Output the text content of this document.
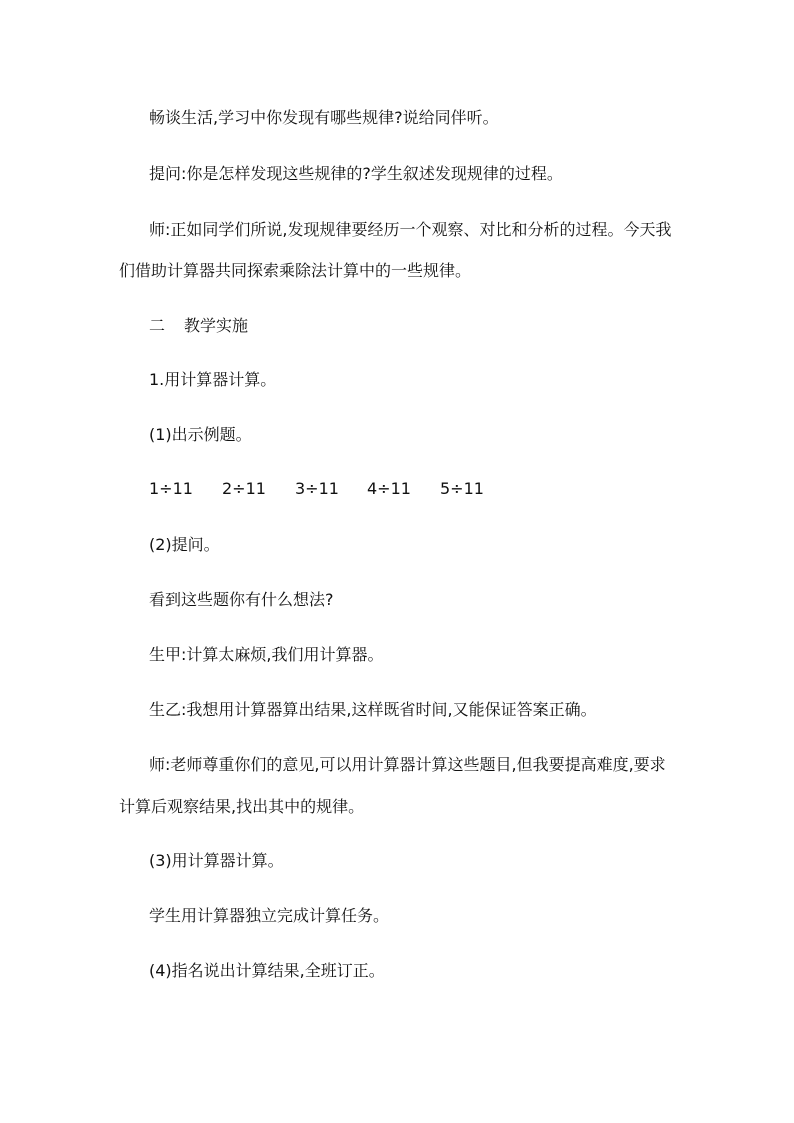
畅谈生活,学习中你发现有哪些规律?说给同伴听。
提问:你是怎样发现这些规律的?学生叙述发现规律的过程。
师:正如同学们所说,发现规律要经历一个观察、对比和分析的过程。今天我
们借助计算器共同探索乘除法计算中的一些规律。
二 教学实施
1.用计算器计算。
(1)出示例题。
1÷11 2÷11 3÷11 4÷11 5÷11
(2)提问。
看到这些题你有什么想法?
生甲:计算太麻烦,我们用计算器。
生乙:我想用计算器算出结果,这样既省时间,又能保证答案正确。
师:老师尊重你们的意见,可以用计算器计算这些题目,但我要提高难度,要求
计算后观察结果,找出其中的规律。
(3)用计算器计算。
学生用计算器独立完成计算任务。
(4)指名说出计算结果,全班订正。
